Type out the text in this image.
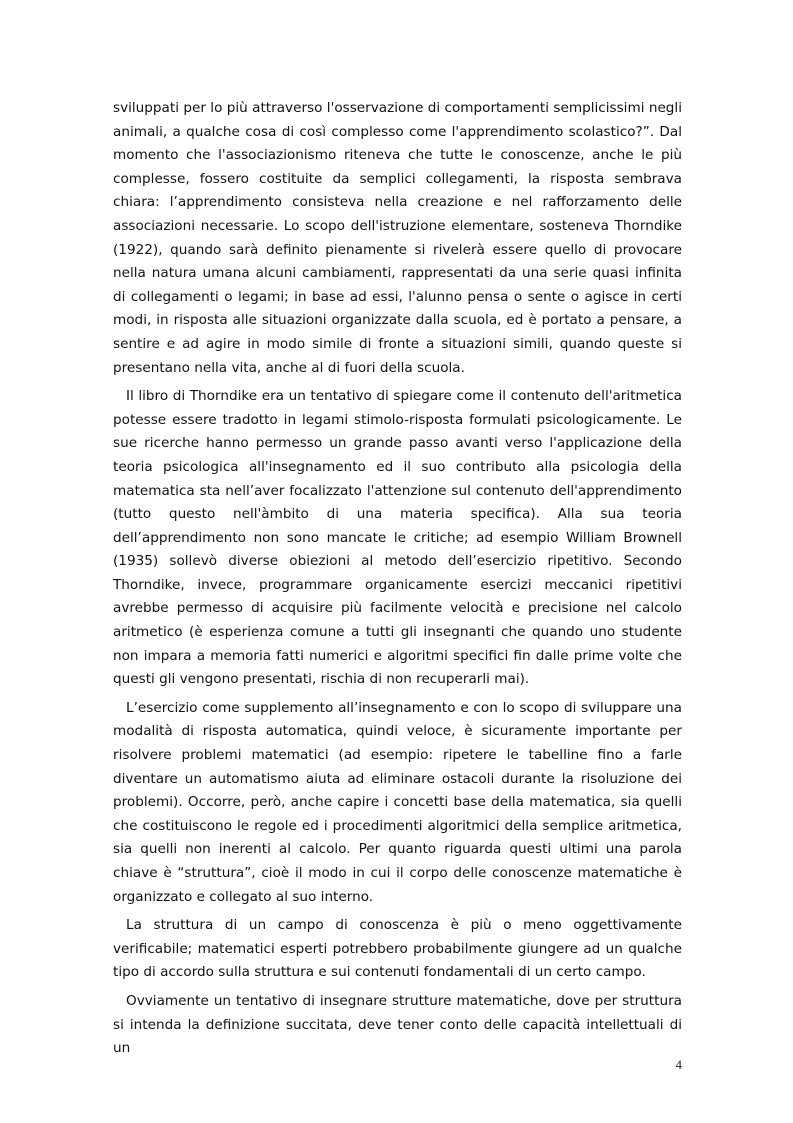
sviluppati per lo più attraverso l'osservazione di comportamenti semplicissimi negli animali, a qualche cosa di così complesso come l'apprendimento scolastico?”. Dal momento che l'associazionismo riteneva che tutte le conoscenze, anche le più complesse, fossero costituite da semplici collegamenti, la risposta sembrava chiara: l’apprendimento consisteva nella creazione e nel rafforzamento delle associazioni necessarie. Lo scopo dell'istruzione elementare, sosteneva Thorndike (1922), quando sarà definito pienamente si rivelerà essere quello di provocare nella natura umana alcuni cambiamenti, rappresentati da una serie quasi infinita di collegamenti o legami; in base ad essi, l'alunno pensa o sente o agisce in certi modi, in risposta alle situazioni organizzate dalla scuola, ed è portato a pensare, a sentire e ad agire in modo simile di fronte a situazioni simili, quando queste si presentano nella vita, anche al di fuori della scuola.

Il libro di Thorndike era un tentativo di spiegare come il contenuto dell'aritmetica potesse essere tradotto in legami stimolo-risposta formulati psicologicamente. Le sue ricerche hanno permesso un grande passo avanti verso l'applicazione della teoria psicologica all'insegnamento ed il suo contributo alla psicologia della matematica sta nell’aver focalizzato l'attenzione sul contenuto dell'apprendimento (tutto questo nell'àmbito di una materia specifica). Alla sua teoria dell’apprendimento non sono mancate le critiche; ad esempio William Brownell (1935) sollevò diverse obiezioni al metodo dell’esercizio ripetitivo. Secondo Thorndike, invece, programmare organicamente esercizi meccanici ripetitivi avrebbe permesso di acquisire più facilmente velocità e precisione nel calcolo aritmetico (è esperienza comune a tutti gli insegnanti che quando uno studente non impara a memoria fatti numerici e algoritmi specifici fin dalle prime volte che questi gli vengono presentati, rischia di non recuperarli mai).

L’esercizio come supplemento all’insegnamento e con lo scopo di sviluppare una modalità di risposta automatica, quindi veloce, è sicuramente importante per risolvere problemi matematici (ad esempio: ripetere le tabelline fino a farle diventare un automatismo aiuta ad eliminare ostacoli durante la risoluzione dei problemi). Occorre, però, anche capire i concetti base della matematica, sia quelli che costituiscono le regole ed i procedimenti algoritmici della semplice aritmetica, sia quelli non inerenti al calcolo. Per quanto riguarda questi ultimi una parola chiave è “struttura”, cioè il modo in cui il corpo delle conoscenze matematiche è organizzato e collegato al suo interno.

La struttura di un campo di conoscenza è più o meno oggettivamente verificabile; matematici esperti potrebbero probabilmente giungere ad un qualche tipo di accordo sulla struttura e sui contenuti fondamentali di un certo campo.

Ovviamente un tentativo di insegnare strutture matematiche, dove per struttura si intenda la definizione succitata, deve tener conto delle capacità intellettuali di un

4
